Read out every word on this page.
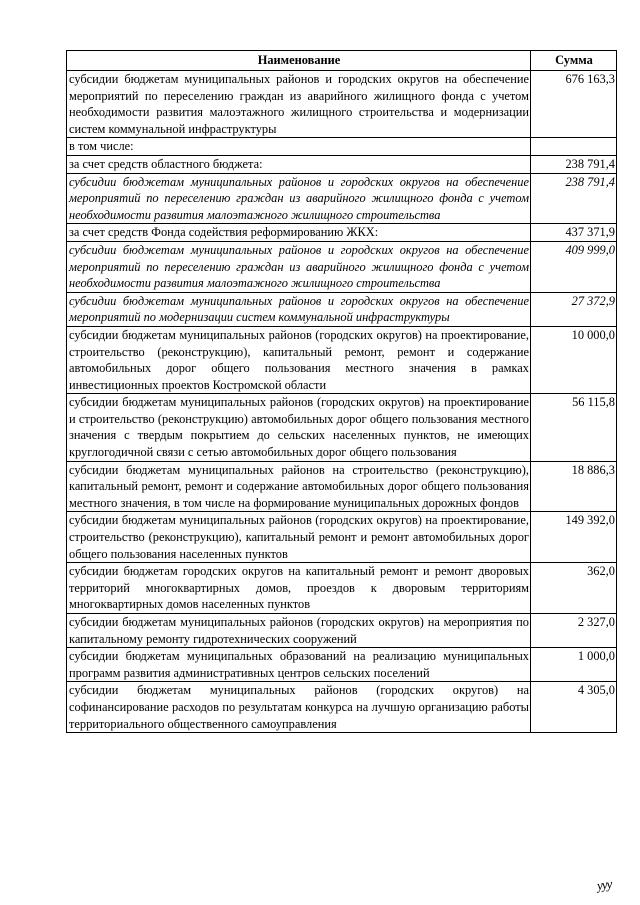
Наименование	Сумма
субсидии бюджетам муниципальных районов и городских округов на обеспечение мероприятий по переселению граждан из аварийного жилищного фонда с учетом необходимости развития малоэтажного жилищного строительства и модернизации систем коммунальной инфраструктуры	676 163,3
в том числе:	
за счет средств областного бюджета:	238 791,4
субсидии бюджетам муниципальных районов и городских округов на обеспечение мероприятий по переселению граждан из аварийного жилищного фонда с учетом необходимости развития малоэтажного жилищного строительства	238 791,4
за счет средств Фонда содействия реформированию ЖКХ:	437 371,9
субсидии бюджетам муниципальных районов и городских округов на обеспечение мероприятий по переселению граждан из аварийного жилищного фонда с учетом необходимости развития малоэтажного жилищного строительства	409 999,0
субсидии бюджетам муниципальных районов и городских округов на обеспечение мероприятий по модернизации систем коммунальной инфраструктуры	27 372,9
субсидии бюджетам муниципальных районов (городских округов) на проектирование, строительство (реконструкцию), капитальный ремонт, ремонт и содержание автомобильных дорог общего пользования местного значения в рамках инвестиционных проектов Костромской области	10 000,0
субсидии бюджетам муниципальных районов (городских округов) на проектирование и строительство (реконструкцию) автомобильных дорог общего пользования местного значения с твердым покрытием до сельских населенных пунктов, не имеющих круглогодичной связи с сетью автомобильных дорог общего пользования	56 115,8
субсидии бюджетам муниципальных районов на строительство (реконструкцию), капитальный ремонт, ремонт и содержание автомобильных дорог общего пользования местного значения, в том числе на формирование муниципальных дорожных фондов	18 886,3
субсидии бюджетам муниципальных районов (городских округов) на проектирование, строительство (реконструкцию), капитальный ремонт и ремонт автомобильных дорог общего пользования населенных пунктов	149 392,0
субсидии бюджетам городских округов на капитальный ремонт и ремонт дворовых территорий многоквартирных домов, проездов к дворовым территориям многоквартирных домов населенных пунктов	362,0
субсидии бюджетам муниципальных районов (городских округов) на мероприятия по капитальному ремонту гидротехнических сооружений	2 327,0
субсидии бюджетам муниципальных образований на реализацию муниципальных программ развития административных центров сельских поселений	1 000,0
субсидии бюджетам муниципальных районов (городских округов) на софинансирование расходов по результатам конкурса на лучшую организацию работы территориального общественного самоуправления	4 305,0
ууу
